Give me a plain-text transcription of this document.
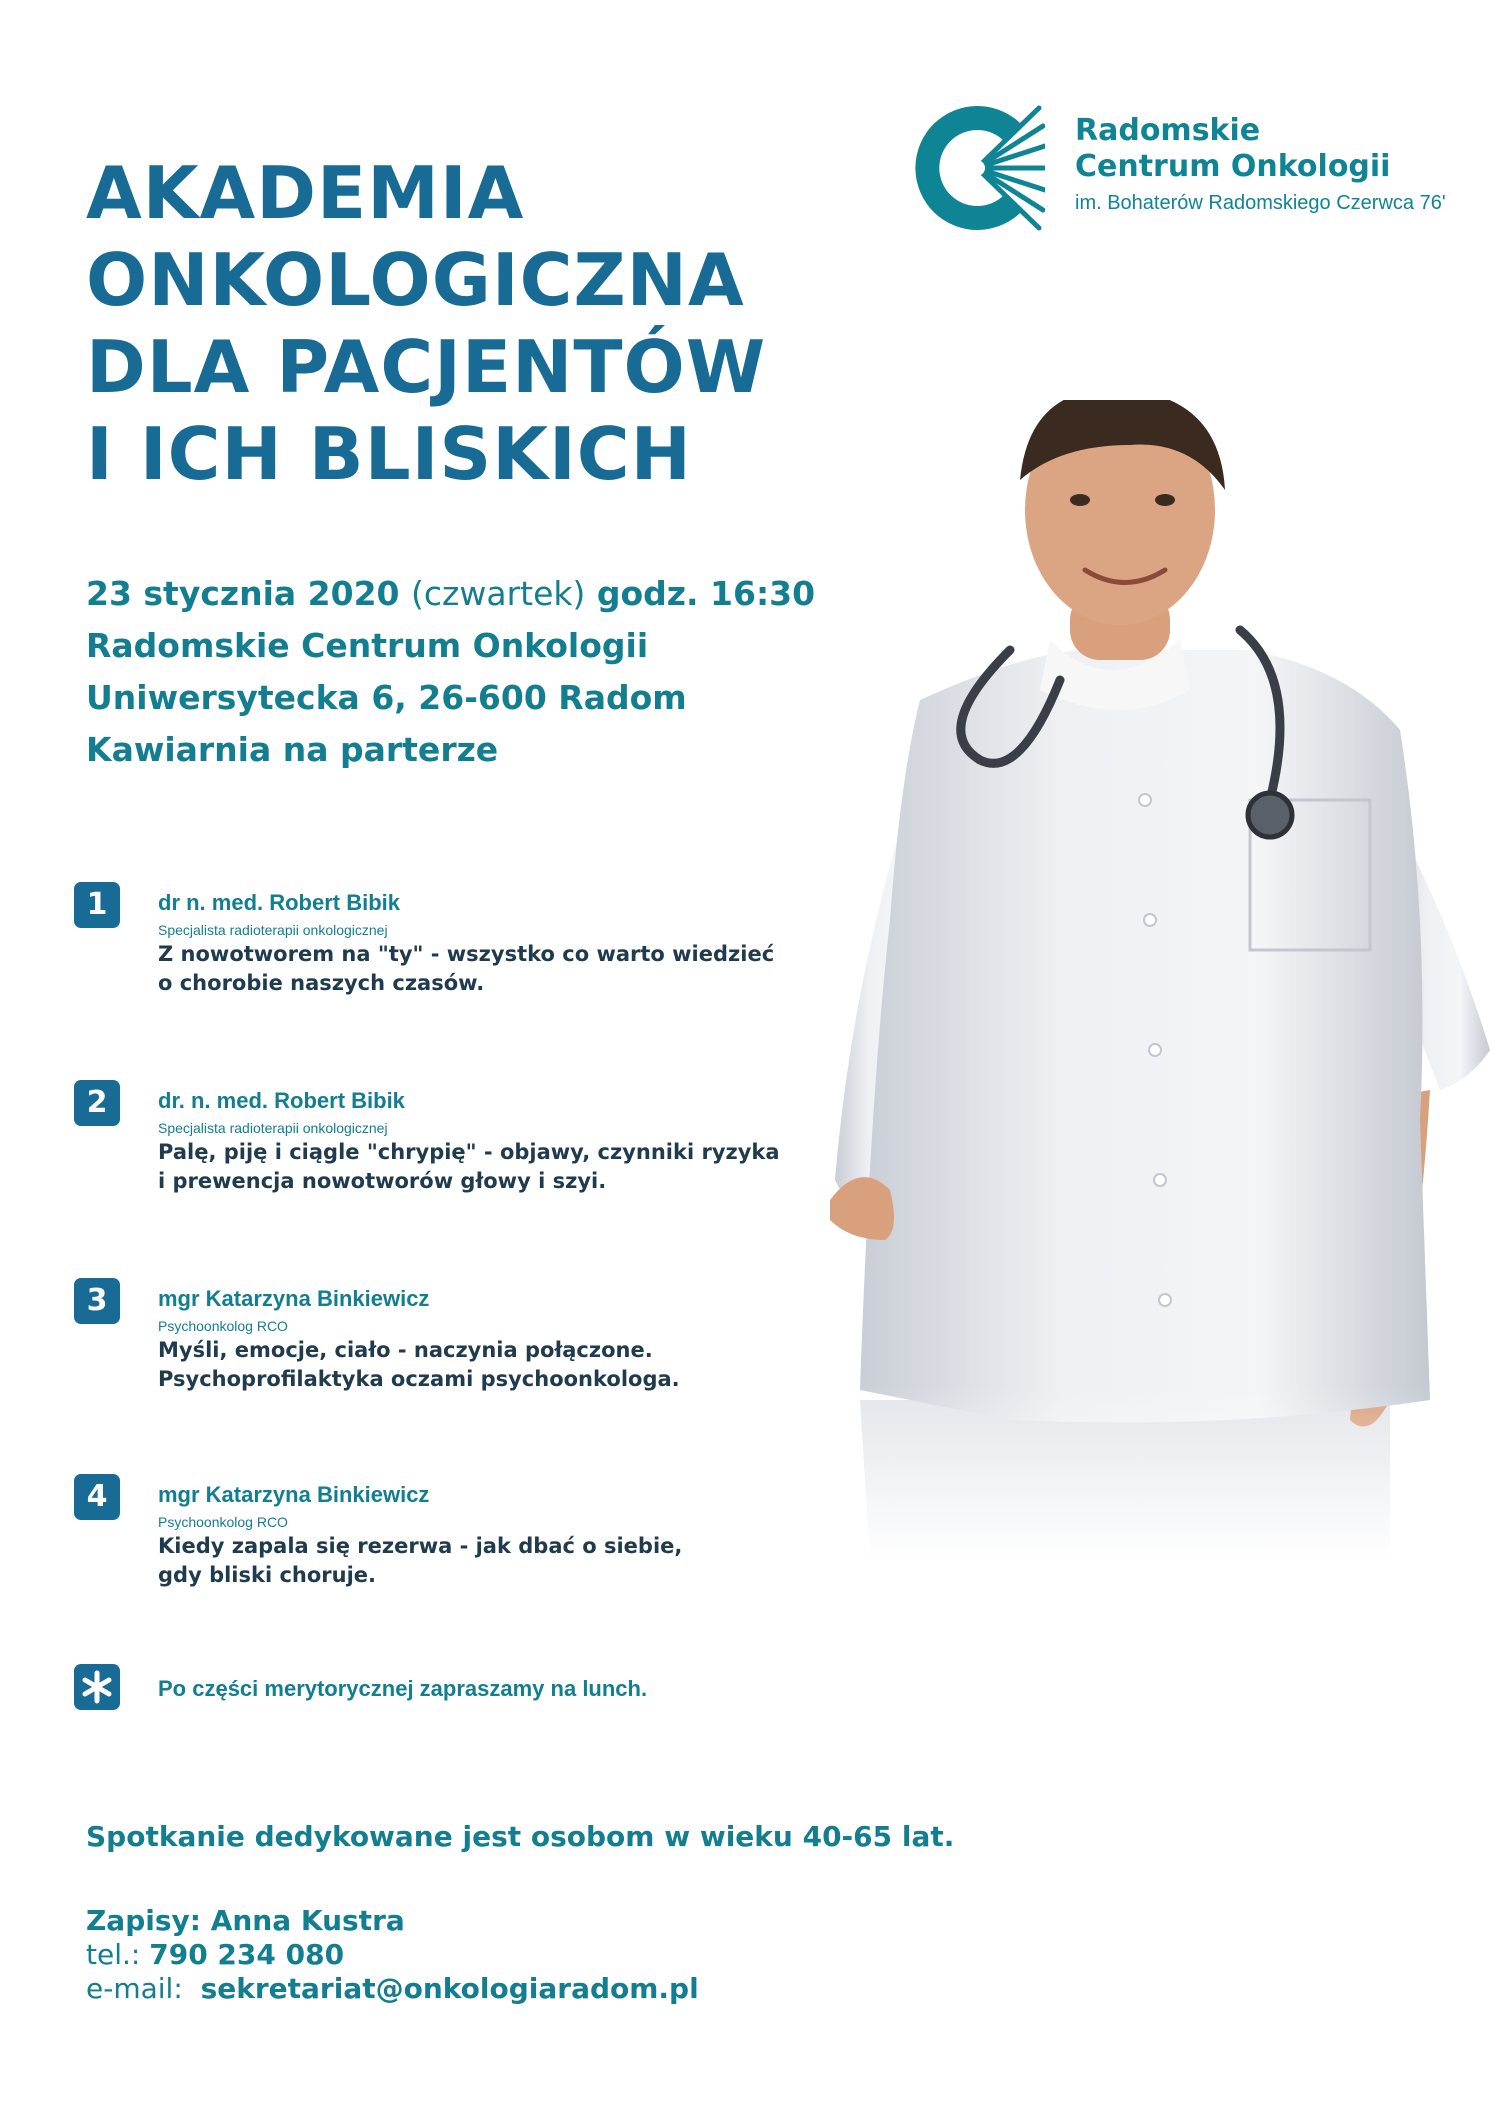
Radomskie
Centrum Onkologii
im. Bohaterów Radomskiego Czerwca 76'
AKADEMIA
ONKOLOGICZNA
DLA PACJENTÓW
I ICH BLISKICH
23 stycznia 2020 (czwartek) godz. 16:30
Radomskie Centrum Onkologii
Uniwersytecka 6, 26-600 Radom
Kawiarnia na parterze
1	dr n. med. Robert Bibik
Specjalista radioterapii onkologicznej
Z nowotworem na "ty" - wszystko co warto wiedzieć
o chorobie naszych czasów.
2	dr. n. med. Robert Bibik
Specjalista radioterapii onkologicznej
Palę, piję i ciągle "chrypię" - objawy, czynniki ryzyka
i prewencja nowotworów głowy i szyi.
3	mgr Katarzyna Binkiewicz
Psychoonkolog RCO
Myśli, emocje, ciało - naczynia połączone.
Psychoprofilaktyka oczami psychoonkologa.
4	mgr Katarzyna Binkiewicz
Psychoonkolog RCO
Kiedy zapala się rezerwa - jak dbać o siebie,
gdy bliski choruje.
Po części merytorycznej zapraszamy na lunch.
Spotkanie dedykowane jest osobom w wieku 40-65 lat.
Zapisy: Anna Kustra
tel.: 790 234 080
e-mail: sekretariat@onkologiaradom.pl
